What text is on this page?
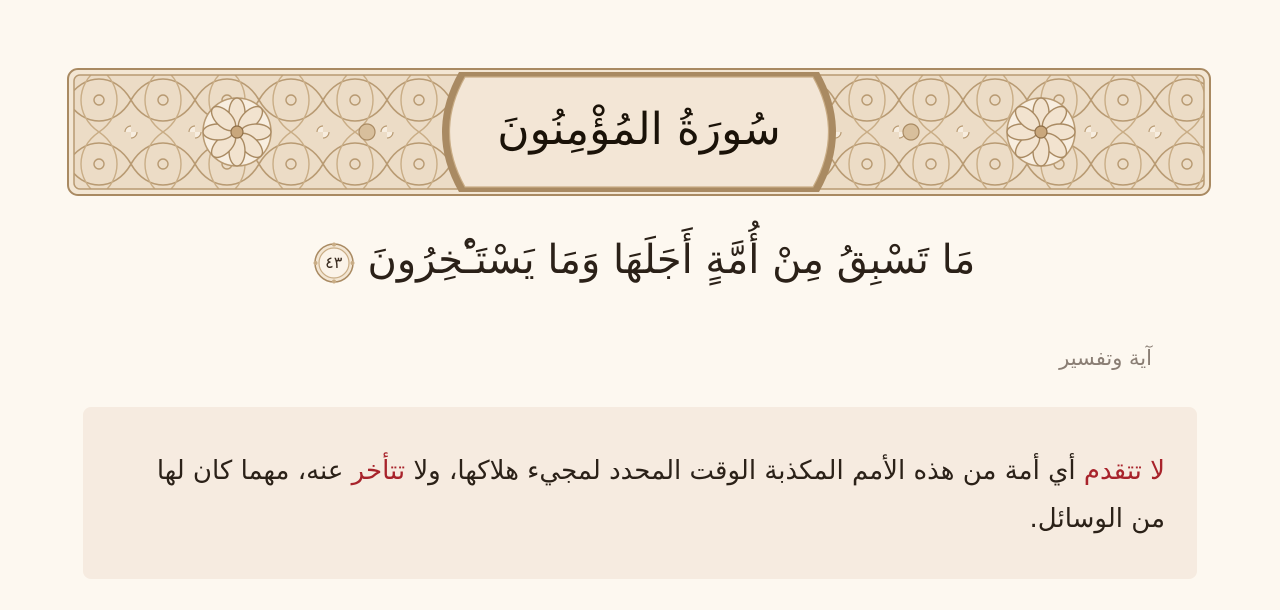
سُورَةُ المُؤْمِنُونَ
مَا تَسْبِقُ مِنْ أُمَّةٍ أَجَلَهَا وَمَا يَسْتَـْٔخِرُونَ
٤٣
آية وتفسير
لا تتقدم أي أمة من هذه الأمم المكذبة الوقت المحدد لمجيء هلاكها، ولا تتأخر عنه، مهما كان لها من الوسائل.
